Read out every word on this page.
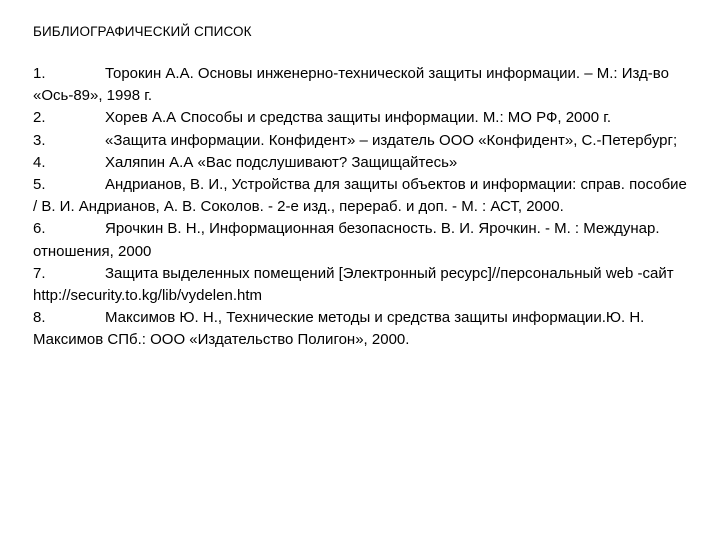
БИБЛИОГРАФИЧЕСКИЙ СПИСОК

1.	Торокин А.А. Основы инженерно-технической защиты информации. – М.: Изд-во «Ось-89», 1998 г.

2.	Хорев А.А Способы и средства защиты информации. М.: МО РФ, 2000 г.

3.	«Защита информации. Конфидент» – издатель ООО «Конфидент», С.-Петербург;

4.	Халяпин А.А «Вас подслушивают? Защищайтесь»

5.	Андрианов, В. И., Устройства для защиты объектов и информации: справ. пособие / В. И. Андрианов, А. В. Соколов. - 2-е изд., перераб. и доп. - М. : АСТ, 2000.

6.	Ярочкин В. Н., Информационная безопасность. В. И. Ярочкин. - М. : Междунар. отношения, 2000

7.	Защита выделенных помещений [Электронный ресурс]//персональный web -сайт http://security.to.kg/lib/vydelen.htm

8.	Максимов Ю. Н., Технические методы и средства защиты информации.Ю. Н. Максимов СПб.: ООО «Издательство Полигон», 2000.
